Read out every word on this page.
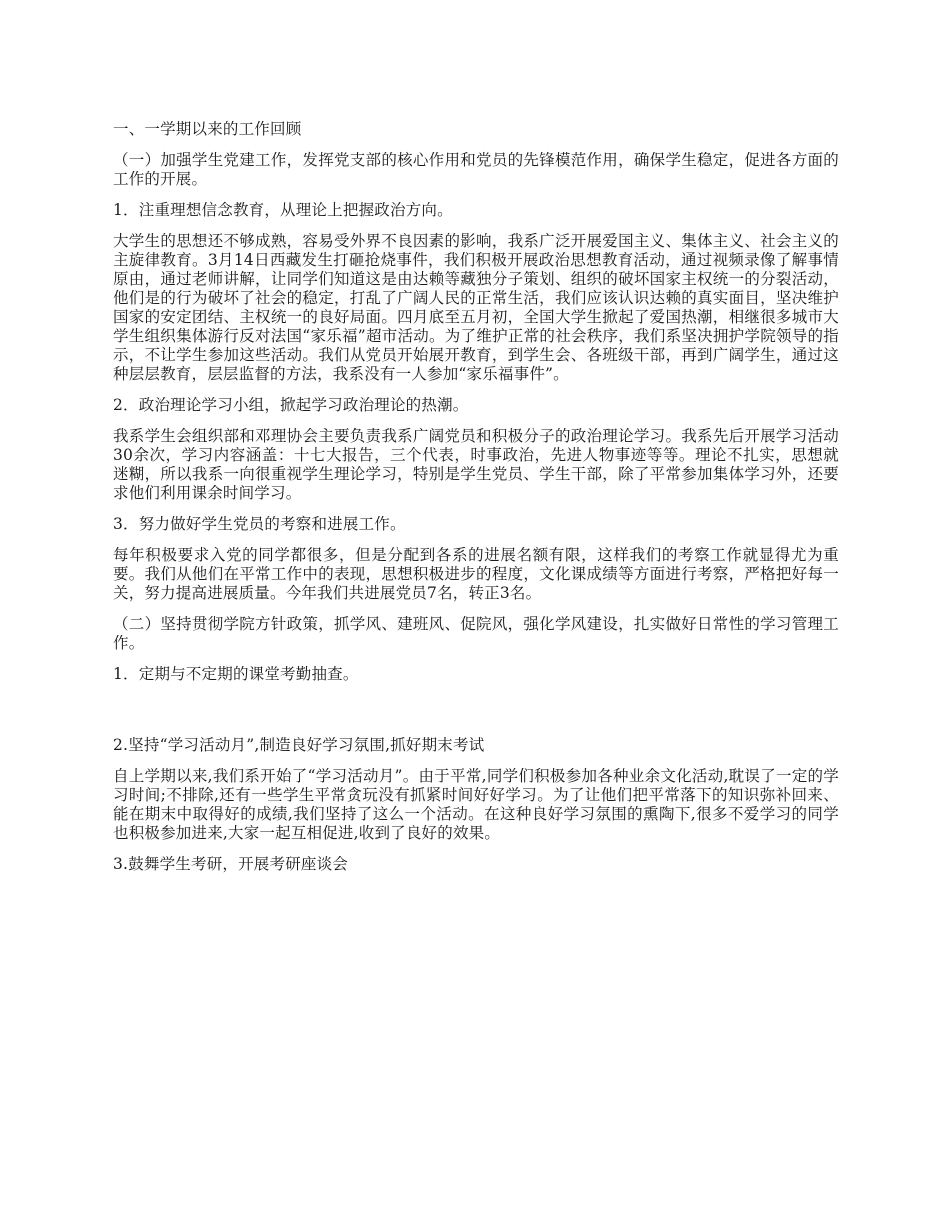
一、一学期以来的工作回顾

（一）加强学生党建工作，发挥党支部的核心作用和党员的先锋模范作用，确保学生稳定，促进各方面的工作的开展。

1．注重理想信念教育，从理论上把握政治方向。

大学生的思想还不够成熟，容易受外界不良因素的影响，我系广泛开展爱国主义、集体主义、社会主义的主旋律教育。3月14日西藏发生打砸抢烧事件，我们积极开展政治思想教育活动，通过视频录像了解事情原由，通过老师讲解，让同学们知道这是由达赖等藏独分子策划、组织的破坏国家主权统一的分裂活动，他们是的行为破坏了社会的稳定，打乱了广阔人民的正常生活，我们应该认识达赖的真实面目，坚决维护国家的安定团结、主权统一的良好局面。四月底至五月初，全国大学生掀起了爱国热潮，相继很多城市大学生组织集体游行反对法国“家乐福”超市活动。为了维护正常的社会秩序，我们系坚决拥护学院领导的指示，不让学生参加这些活动。我们从党员开始展开教育，到学生会、各班级干部，再到广阔学生，通过这种层层教育，层层监督的方法，我系没有一人参加“家乐福事件”。

2．政治理论学习小组，掀起学习政治理论的热潮。

我系学生会组织部和邓理协会主要负责我系广阔党员和积极分子的政治理论学习。我系先后开展学习活动30余次，学习内容涵盖：十七大报告，三个代表，时事政治，先进人物事迹等等。理论不扎实，思想就迷糊，所以我系一向很重视学生理论学习，特别是学生党员、学生干部，除了平常参加集体学习外，还要求他们利用课余时间学习。

3．努力做好学生党员的考察和进展工作。

每年积极要求入党的同学都很多，但是分配到各系的进展名额有限，这样我们的考察工作就显得尤为重要。我们从他们在平常工作中的表现，思想积极进步的程度，文化课成绩等方面进行考察，严格把好每一关，努力提高进展质量。今年我们共进展党员7名，转正3名。

（二）坚持贯彻学院方针政策，抓学风、建班风、促院风，强化学风建设，扎实做好日常性的学习管理工作。

1．定期与不定期的课堂考勤抽查。

2.坚持“学习活动月”,制造良好学习氛围,抓好期末考试

自上学期以来,我们系开始了“学习活动月”。由于平常,同学们积极参加各种业余文化活动,耽误了一定的学习时间;不排除,还有一些学生平常贪玩没有抓紧时间好好学习。为了让他们把平常落下的知识弥补回来、能在期末中取得好的成绩,我们坚持了这么一个活动。在这种良好学习氛围的熏陶下,很多不爱学习的同学也积极参加进来,大家一起互相促进,收到了良好的效果。

3.鼓舞学生考研，开展考研座谈会
